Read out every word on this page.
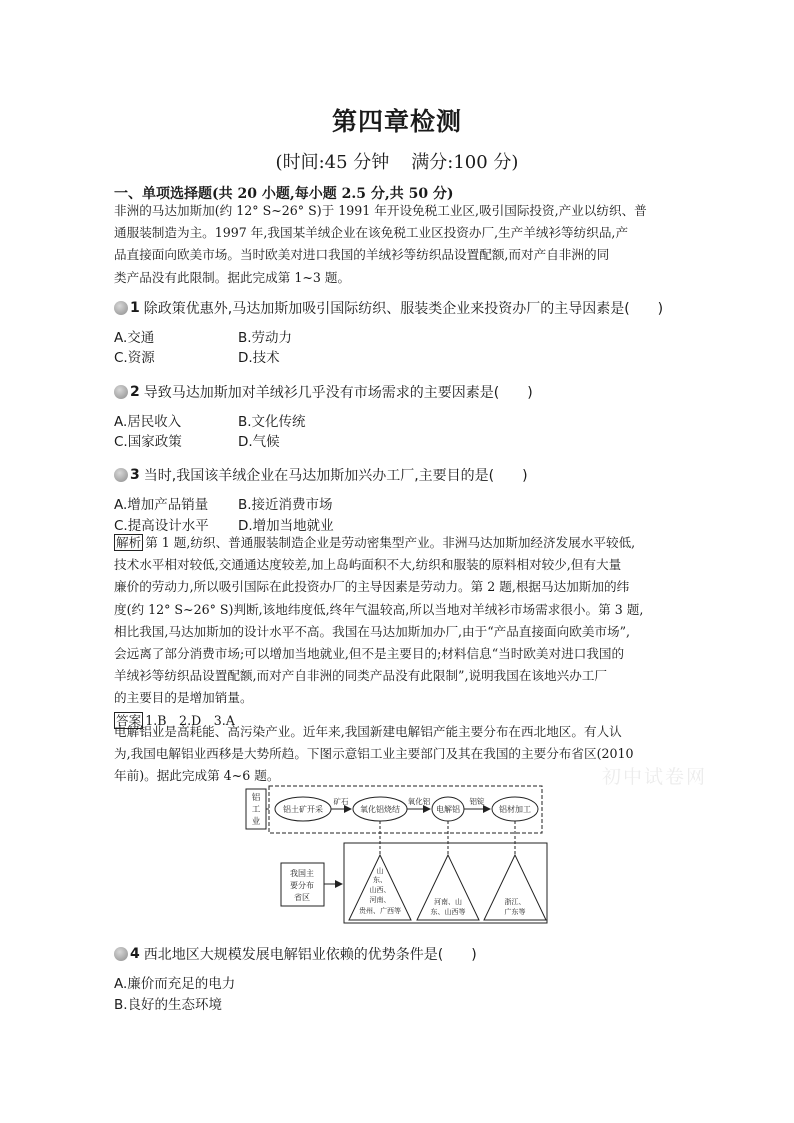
第四章检测
(时间:45 分钟 满分:100 分)
一、单项选择题(共 20 小题,每小题 2.5 分,共 50 分)
非洲的马达加斯加(约 12° S~26° S)于 1991 年开设免税工业区,吸引国际投资,产业以纺织、普
通服装制造为主。1997 年,我国某羊绒企业在该免税工业区投资办厂,生产羊绒衫等纺织品,产
品直接面向欧美市场。当时欧美对进口我国的羊绒衫等纺织品设置配额,而对产自非洲的同
类产品没有此限制。据此完成第 1~3 题。
1 除政策优惠外,马达加斯加吸引国际纺织、服装类企业来投资办厂的主导因素是(　　)
A.交通	B.劳动力
C.资源	D.技术
2 导致马达加斯加对羊绒衫几乎没有市场需求的主要因素是(　　)
A.居民收入	B.文化传统
C.国家政策	D.气候
3 当时,我国该羊绒企业在马达加斯加兴办工厂,主要目的是(　　)
A.增加产品销量 B.接近消费市场
C.提高设计水平 D.增加当地就业
解析 第 1 题,纺织、普通服装制造企业是劳动密集型产业。非洲马达加斯加经济发展水平较低,
技术水平相对较低,交通通达度较差,加上岛屿面积不大,纺织和服装的原料相对较少,但有大量
廉价的劳动力,所以吸引国际在此投资办厂的主导因素是劳动力。第 2 题,根据马达加斯加的纬
度(约 12° S~26° S)判断,该地纬度低,终年气温较高,所以当地对羊绒衫市场需求很小。第 3 题,
相比我国,马达加斯加的设计水平不高。我国在马达加斯加办厂,由于“产品直接面向欧美市场”,
会远离了部分消费市场;可以增加当地就业,但不是主要目的;材料信息“当时欧美对进口我国的
羊绒衫等纺织品设置配额,而对产自非洲的同类产品没有此限制”,说明我国在该地兴办工厂
的主要目的是增加销量。
答案 1.B　2.D　3.A
电解铝业是高耗能、高污染产业。近年来,我国新建电解铝产能主要分布在西北地区。有人认
为,我国电解铝业西移是大势所趋。下图示意铝工业主要部门及其在我国的主要分布省区(2010
年前)。据此完成第 4~6 题。	初中试卷网
铝
工
业
铝土矿开采	氧化铝烧结	电解铝	铝材加工
矿石	氧化铝	铝锭
我国主
要分布
省区
山
东、
山西、
河南、
贵州、广西等
河南、山
东、山西等
浙江、
广东等
4 西北地区大规模发展电解铝业依赖的优势条件是(　　)
A.廉价而充足的电力
B.良好的生态环境
